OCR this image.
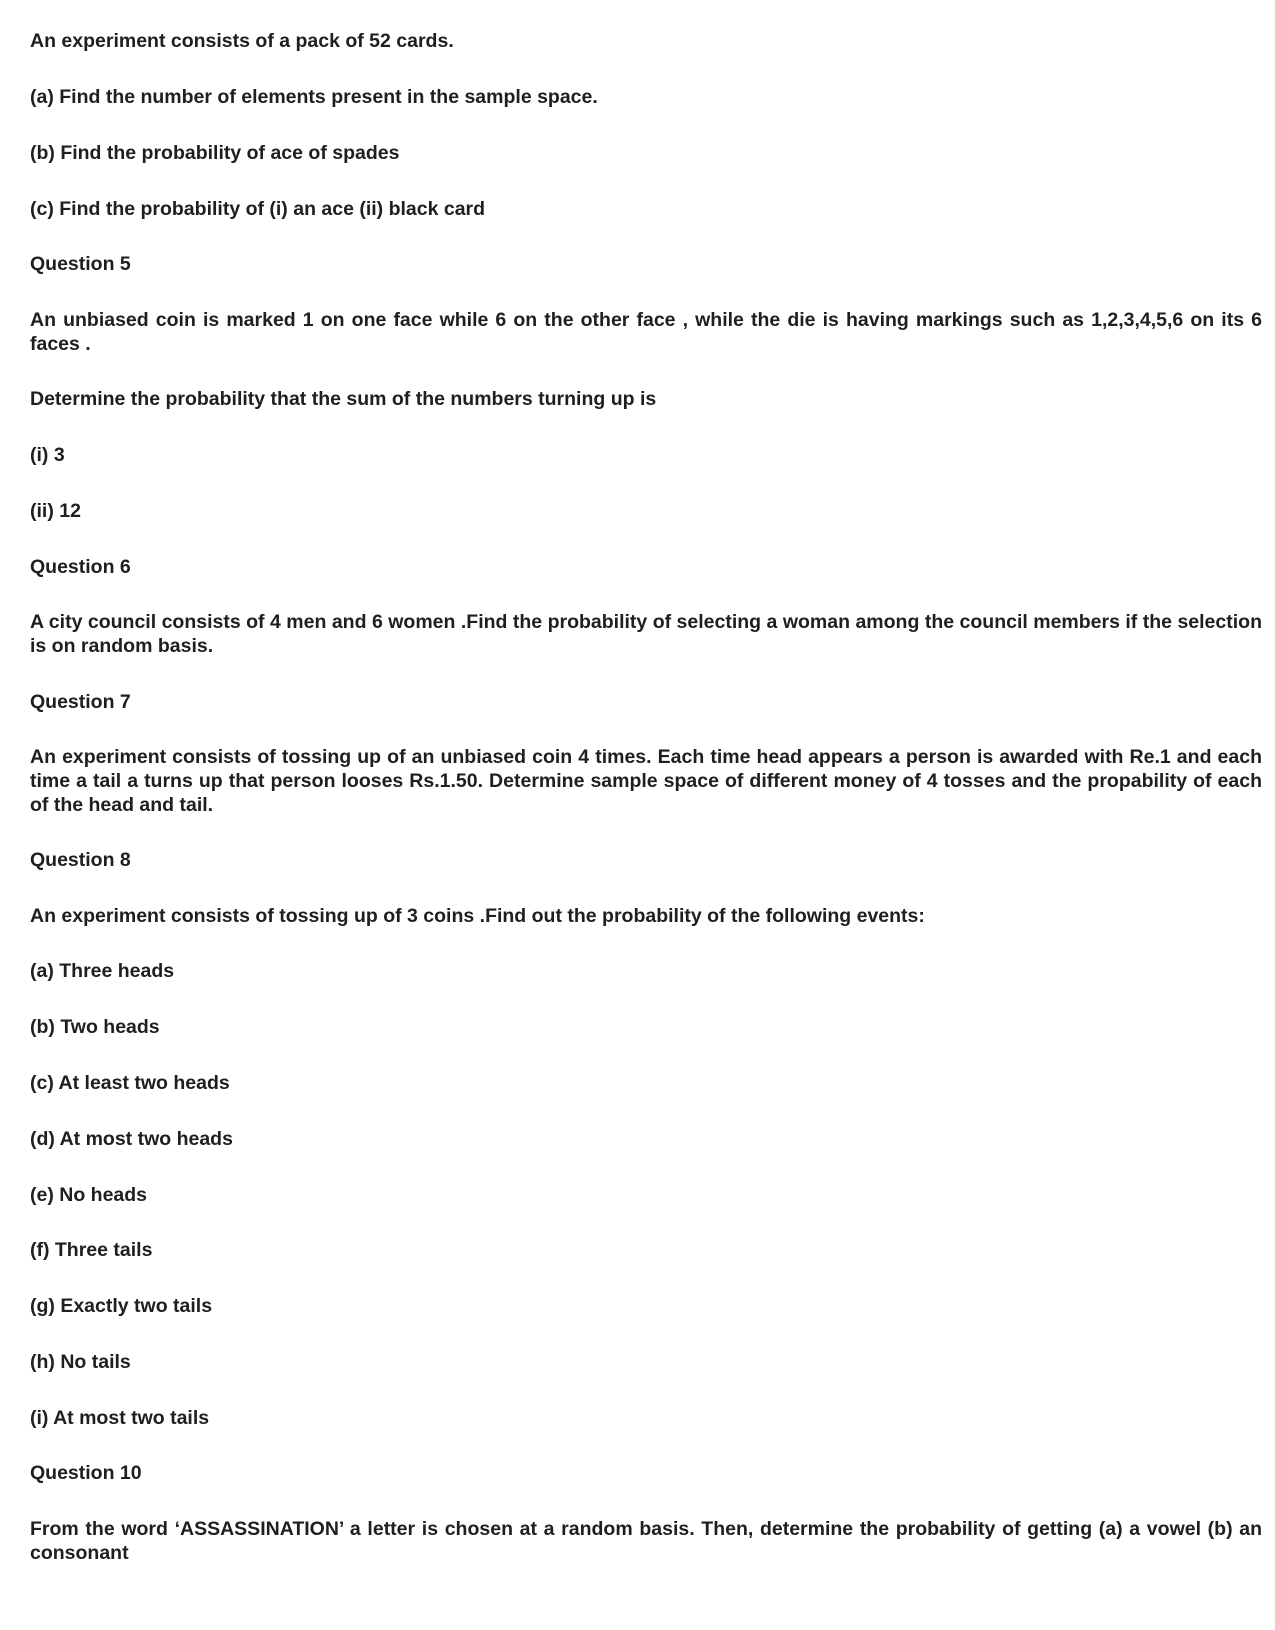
An experiment consists of a pack of 52 cards.

(a) Find the number of elements present in the sample space.

(b) Find the probability of ace of spades

(c) Find the probability of (i) an ace (ii) black card

Question 5

An unbiased coin is marked 1 on one face while 6 on the other face , while the die is having markings such as 1,2,3,4,5,6 on its 6 faces .

Determine the probability that the sum of the numbers turning up is

(i) 3

(ii) 12

Question 6

A city council consists of 4 men and 6 women .Find the probability of selecting a woman among the council members if the selection is on random basis.

Question 7

An experiment consists of tossing up of an unbiased coin 4 times. Each time head appears a person is awarded with Re.1 and each time a tail a turns up that person looses Rs.1.50. Determine sample space of different money of 4 tosses and the propability of each of the head and tail.

Question 8

An experiment consists of tossing up of 3 coins .Find out the probability of the following events:

(a) Three heads

(b) Two heads

(c) At least two heads

(d) At most two heads

(e) No heads

(f) Three tails

(g) Exactly two tails

(h) No tails

(i) At most two tails

Question 10

From the word ‘ASSASSINATION’ a letter is chosen at a random basis. Then, determine the probability of getting (a) a vowel (b) an consonant
